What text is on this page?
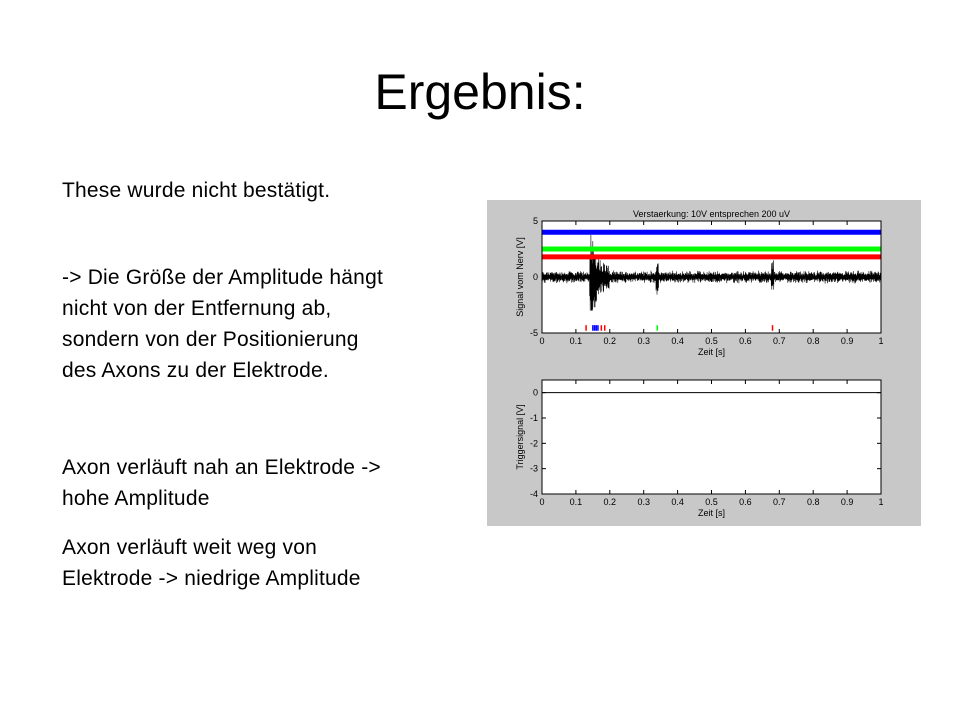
Ergebnis:

These wurde nicht bestätigt.

-> Die Größe der Amplitude hängt
nicht von der Entfernung ab,
sondern von der Positionierung
des Axons zu der Elektrode.

Axon verläuft nah an Elektrode ->
hohe Amplitude

Axon verläuft weit weg von
Elektrode -> niedrige Amplitude

0	0.1 0.2 0.3 0.4 0.5 0.6 0.7 0.8 0.9	1
-5
0
5
Zeit [s]
Signal vom Nerv [V]
Verstaerkung: 10V entsprechen 200 uV
0	0.1 0.2 0.3 0.4 0.5 0.6 0.7 0.8 0.9	1
0
-1
-2
-3
-4
Zeit [s]
Triggersignal [V]
